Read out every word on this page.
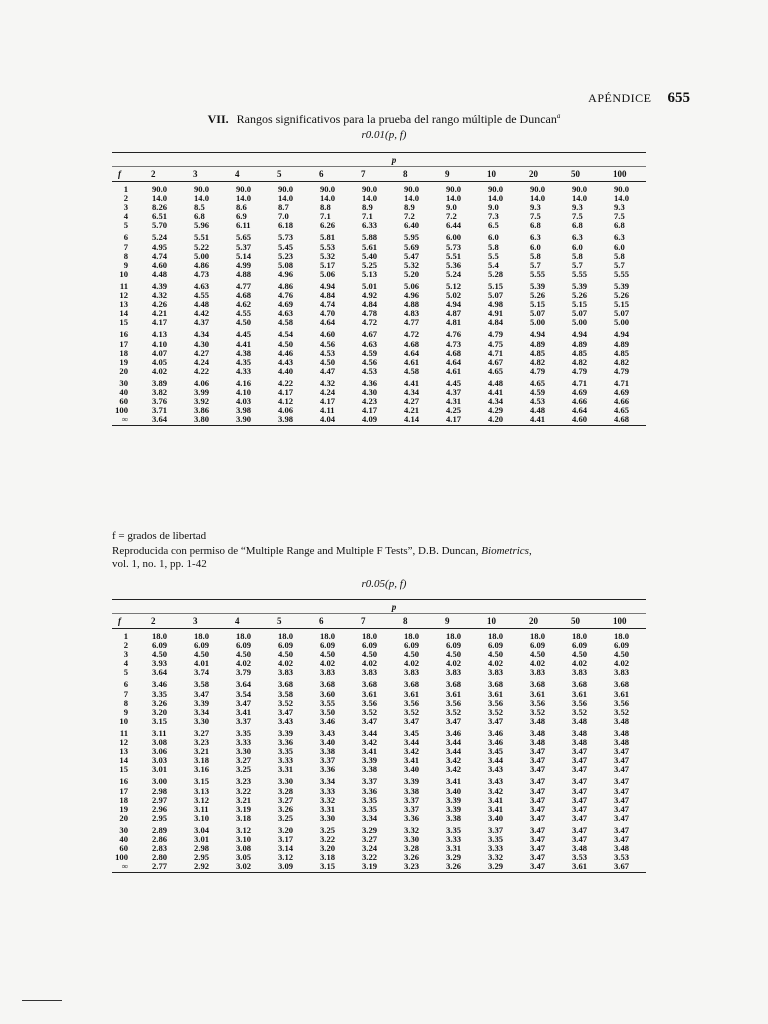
APÉNDICE 655
VII. Rangos significativos para la prueba del rango múltiple de Duncan$^a$
r0.01(p, f)
	p											
f	2	3	4	5	6	7	8	9	10	20	50	100
1	90.0	90.0	90.0	90.0	90.0	90.0	90.0	90.0	90.0	90.0	90.0	90.0
2	14.0	14.0	14.0	14.0	14.0	14.0	14.0	14.0	14.0	14.0	14.0	14.0
3	8.26	8.5	8.6	8.7	8.8	8.9	8.9	9.0	9.0	9.3	9.3	9.3
4	6.51	6.8	6.9	7.0	7.1	7.1	7.2	7.2	7.3	7.5	7.5	7.5
5	5.70	5.96	6.11	6.18	6.26	6.33	6.40	6.44	6.5	6.8	6.8	6.8
6	5.24	5.51	5.65	5.73	5.81	5.88	5.95	6.00	6.0	6.3	6.3	6.3
7	4.95	5.22	5.37	5.45	5.53	5.61	5.69	5.73	5.8	6.0	6.0	6.0
8	4.74	5.00	5.14	5.23	5.32	5.40	5.47	5.51	5.5	5.8	5.8	5.8
9	4.60	4.86	4.99	5.08	5.17	5.25	5.32	5.36	5.4	5.7	5.7	5.7
10	4.48	4.73	4.88	4.96	5.06	5.13	5.20	5.24	5.28	5.55	5.55	5.55
11	4.39	4.63	4.77	4.86	4.94	5.01	5.06	5.12	5.15	5.39	5.39	5.39
12	4.32	4.55	4.68	4.76	4.84	4.92	4.96	5.02	5.07	5.26	5.26	5.26
13	4.26	4.48	4.62	4.69	4.74	4.84	4.88	4.94	4.98	5.15	5.15	5.15
14	4.21	4.42	4.55	4.63	4.70	4.78	4.83	4.87	4.91	5.07	5.07	5.07
15	4.17	4.37	4.50	4.58	4.64	4.72	4.77	4.81	4.84	5.00	5.00	5.00
16	4.13	4.34	4.45	4.54	4.60	4.67	4.72	4.76	4.79	4.94	4.94	4.94
17	4.10	4.30	4.41	4.50	4.56	4.63	4.68	4.73	4.75	4.89	4.89	4.89
18	4.07	4.27	4.38	4.46	4.53	4.59	4.64	4.68	4.71	4.85	4.85	4.85
19	4.05	4.24	4.35	4.43	4.50	4.56	4.61	4.64	4.67	4.82	4.82	4.82
20	4.02	4.22	4.33	4.40	4.47	4.53	4.58	4.61	4.65	4.79	4.79	4.79
30	3.89	4.06	4.16	4.22	4.32	4.36	4.41	4.45	4.48	4.65	4.71	4.71
40	3.82	3.99	4.10	4.17	4.24	4.30	4.34	4.37	4.41	4.59	4.69	4.69
60	3.76	3.92	4.03	4.12	4.17	4.23	4.27	4.31	4.34	4.53	4.66	4.66
100	3.71	3.86	3.98	4.06	4.11	4.17	4.21	4.25	4.29	4.48	4.64	4.65
∞	3.64	3.80	3.90	3.98	4.04	4.09	4.14	4.17	4.20	4.41	4.60	4.68

f = grados de libertad
Reproducida con permiso de “Multiple Range and Multiple F Tests”, D.B. Duncan, Biometrics,
vol. 1, no. 1, pp. 1-42
r0.05(p, f)
	p											
f	2	3	4	5	6	7	8	9	10	20	50	100
1	18.0	18.0	18.0	18.0	18.0	18.0	18.0	18.0	18.0	18.0	18.0	18.0
2	6.09	6.09	6.09	6.09	6.09	6.09	6.09	6.09	6.09	6.09	6.09	6.09
3	4.50	4.50	4.50	4.50	4.50	4.50	4.50	4.50	4.50	4.50	4.50	4.50
4	3.93	4.01	4.02	4.02	4.02	4.02	4.02	4.02	4.02	4.02	4.02	4.02
5	3.64	3.74	3.79	3.83	3.83	3.83	3.83	3.83	3.83	3.83	3.83	3.83
6	3.46	3.58	3.64	3.68	3.68	3.68	3.68	3.68	3.68	3.68	3.68	3.68
7	3.35	3.47	3.54	3.58	3.60	3.61	3.61	3.61	3.61	3.61	3.61	3.61
8	3.26	3.39	3.47	3.52	3.55	3.56	3.56	3.56	3.56	3.56	3.56	3.56
9	3.20	3.34	3.41	3.47	3.50	3.52	3.52	3.52	3.52	3.52	3.52	3.52
10	3.15	3.30	3.37	3.43	3.46	3.47	3.47	3.47	3.47	3.48	3.48	3.48
11	3.11	3.27	3.35	3.39	3.43	3.44	3.45	3.46	3.46	3.48	3.48	3.48
12	3.08	3.23	3.33	3.36	3.40	3.42	3.44	3.44	3.46	3.48	3.48	3.48
13	3.06	3.21	3.30	3.35	3.38	3.41	3.42	3.44	3.45	3.47	3.47	3.47
14	3.03	3.18	3.27	3.33	3.37	3.39	3.41	3.42	3.44	3.47	3.47	3.47
15	3.01	3.16	3.25	3.31	3.36	3.38	3.40	3.42	3.43	3.47	3.47	3.47
16	3.00	3.15	3.23	3.30	3.34	3.37	3.39	3.41	3.43	3.47	3.47	3.47
17	2.98	3.13	3.22	3.28	3.33	3.36	3.38	3.40	3.42	3.47	3.47	3.47
18	2.97	3.12	3.21	3.27	3.32	3.35	3.37	3.39	3.41	3.47	3.47	3.47
19	2.96	3.11	3.19	3.26	3.31	3.35	3.37	3.39	3.41	3.47	3.47	3.47
20	2.95	3.10	3.18	3.25	3.30	3.34	3.36	3.38	3.40	3.47	3.47	3.47
30	2.89	3.04	3.12	3.20	3.25	3.29	3.32	3.35	3.37	3.47	3.47	3.47
40	2.86	3.01	3.10	3.17	3.22	3.27	3.30	3.33	3.35	3.47	3.47	3.47
60	2.83	2.98	3.08	3.14	3.20	3.24	3.28	3.31	3.33	3.47	3.48	3.48
100	2.80	2.95	3.05	3.12	3.18	3.22	3.26	3.29	3.32	3.47	3.53	3.53
∞	2.77	2.92	3.02	3.09	3.15	3.19	3.23	3.26	3.29	3.47	3.61	3.67
